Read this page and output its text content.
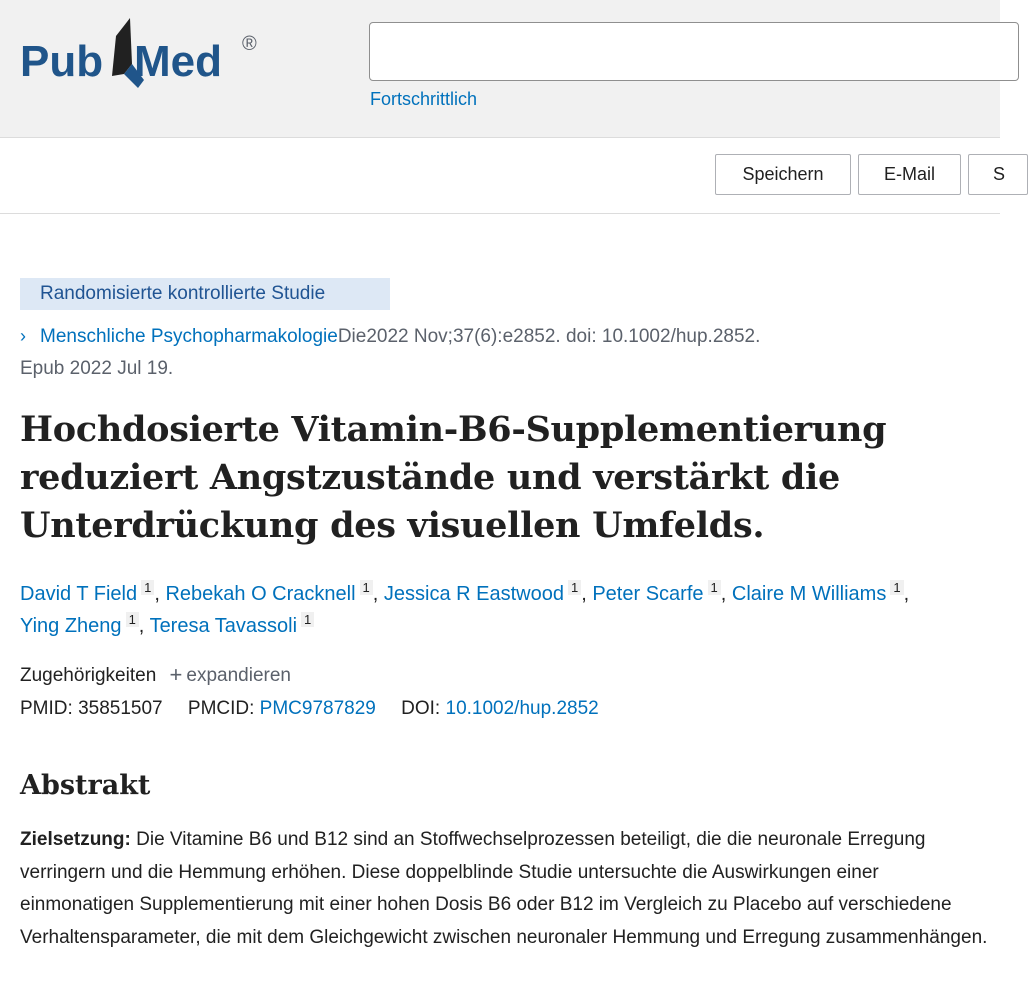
Pub Med ®
Fortschrittlich
Speichern	E-Mail	S
Randomisierte kontrollierte Studie
› Menschliche PsychopharmakologieDie2022 Nov;37(6):e2852. doi: 10.1002/hup.2852.
Epub 2022 Jul 19.
Hochdosierte Vitamin-B6-Supplementierung reduziert Angstzustände und verstärkt die Unterdrückung des visuellen Umfelds.
David T Field $^1$ , Rebekah O Cracknell $^1$ , Jessica R Eastwood $^1$ , Peter Scarfe $^1$ , Claire M Williams $^1$ ,
Ying Zheng $^1$ , Teresa Tavassoli $^1$
Zugehörigkeiten + expandieren
PMID: 35851507 PMCID: PMC9787829 DOI: 10.1002/hup.2852
Abstrakt

Zielsetzung: Die Vitamine B6 und B12 sind an Stoffwechselprozessen beteiligt, die die neuronale Erregung verringern und die Hemmung erhöhen. Diese doppelblinde Studie untersuchte die Auswirkungen einer einmonatigen Supplementierung mit einer hohen Dosis B6 oder B12 im Vergleich zu Placebo auf verschiedene Verhaltensparameter, die mit dem Gleichgewicht zwischen neuronaler Hemmung und Erregung zusammenhängen.
